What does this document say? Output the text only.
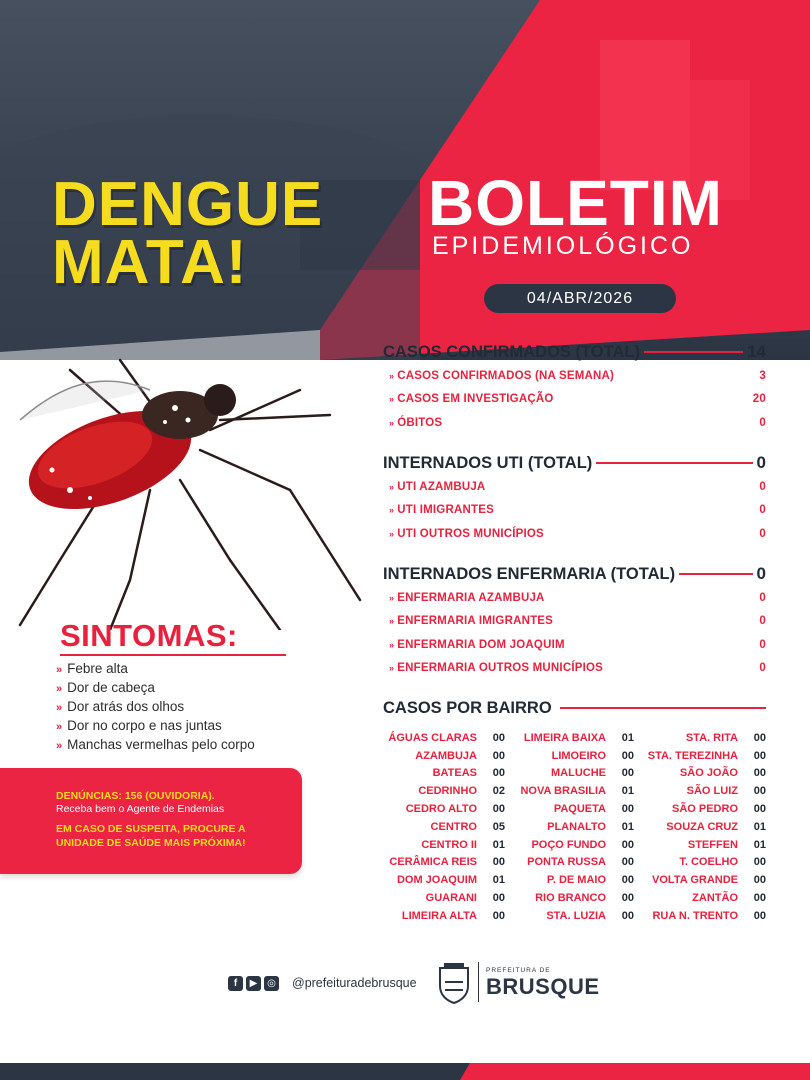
DENGUE
MATA!
BOLETIM
EPIDEMIOLÓGICO
04/ABR/2026
SINTOMAS:
» Febre alta
» Dor de cabeça
» Dor atrás dos olhos
» Dor no corpo e nas juntas
» Manchas vermelhas pelo corpo
DENÚNCIAS: 156 (OUVIDORIA).
Receba bem o Agente de Endemias
EM CASO DE SUSPEITA, PROCURE A UNIDADE DE SAÚDE MAIS PRÓXIMA!
CASOS CONFIRMADOS (TOTAL)	14
» CASOS CONFIRMADOS (NA SEMANA)	3
» CASOS EM INVESTIGAÇÃO	20
» ÓBITOS	0
INTERNADOS UTI (TOTAL)	0
» UTI AZAMBUJA	0
» UTI IMIGRANTES	0
» UTI OUTROS MUNICÍPIOS	0
INTERNADOS ENFERMARIA (TOTAL)	0
» ENFERMARIA AZAMBUJA	0
» ENFERMARIA IMIGRANTES	0
» ENFERMARIA DOM JOAQUIM	0
» ENFERMARIA OUTROS MUNICÍPIOS	0
CASOS POR BAIRRO
ÁGUAS CLARAS	00
AZAMBUJA	00
BATEAS	00
CEDRINHO	02
CEDRO ALTO	00
CENTRO	05
CENTRO II	01
CERÂMICA REIS	00
DOM JOAQUIM	01
GUARANI	00
LIMEIRA ALTA	00
LIMEIRA BAIXA	01
LIMOEIRO	00
MALUCHE	00
NOVA BRASILIA	01
PAQUETA	00
PLANALTO	01
POÇO FUNDO	00
PONTA RUSSA	00
P. DE MAIO	00
RIO BRANCO	00
STA. LUZIA	00
STA. RITA	00
STA. TEREZINHA	00
SÃO JOÃO	00
SÃO LUIZ	00
SÃO PEDRO	00
SOUZA CRUZ	01
STEFFEN	01
T. COELHO	00
VOLTA GRANDE	00
ZANTÃO	00
RUA N. TRENTO	00
f	▶ ◎ @prefeituradebrusque
PREFEITURA DE
BRUSQUE
